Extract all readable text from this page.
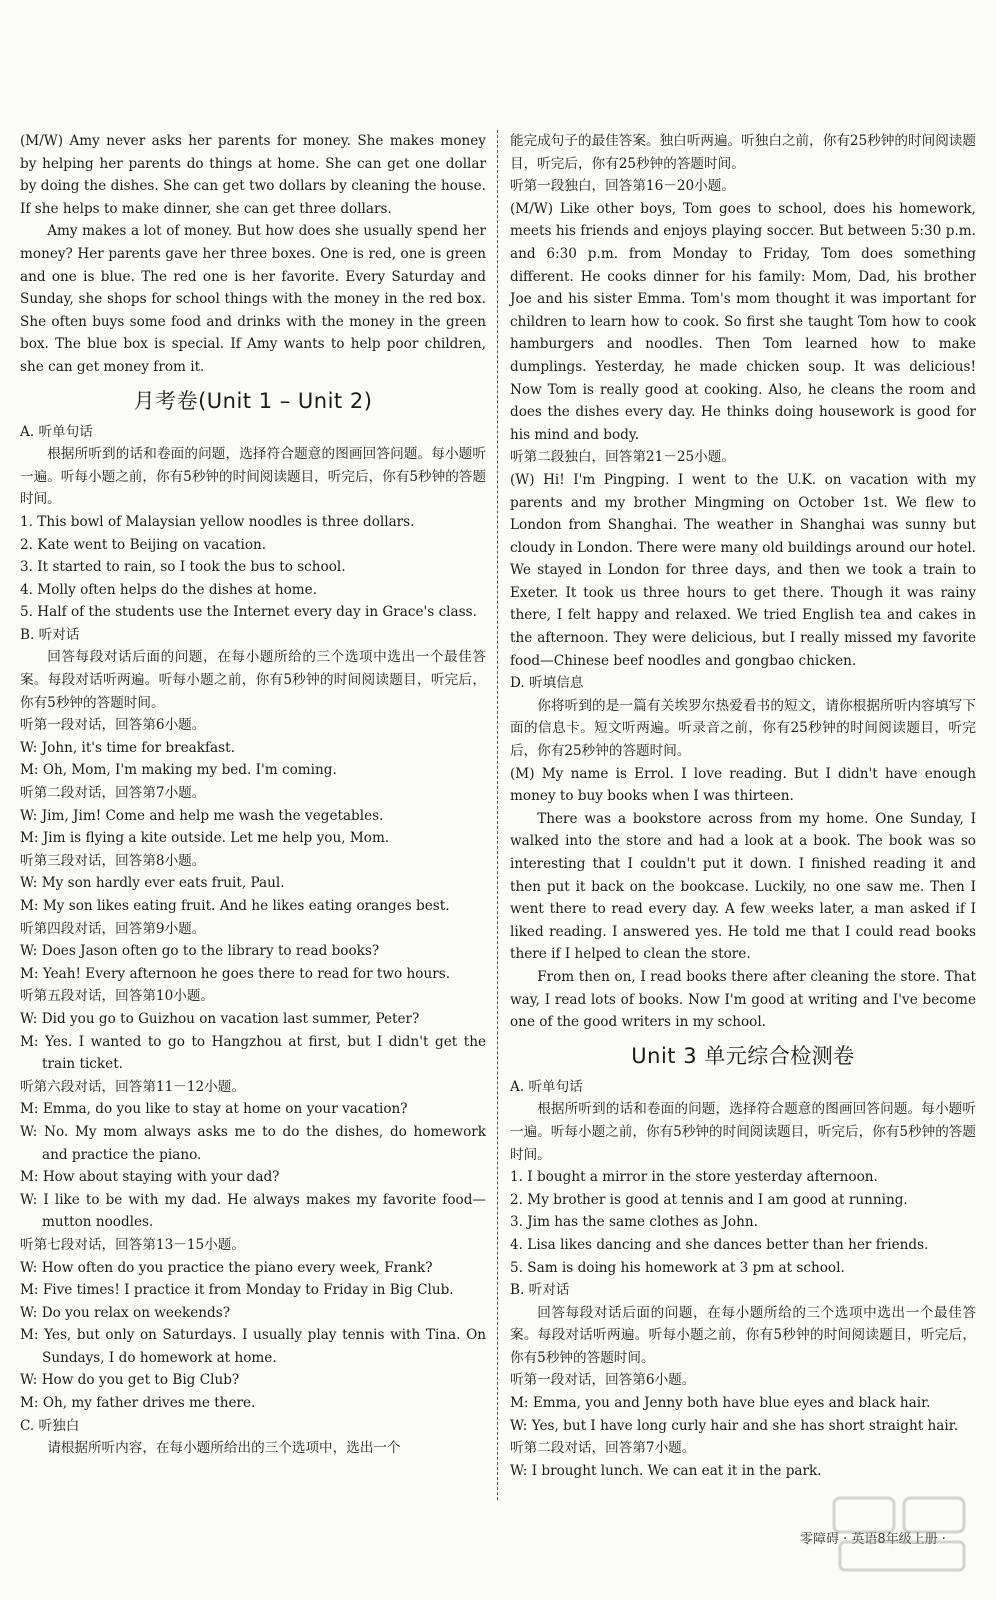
(M/W) Amy never asks her parents for money. She makes money by helping her parents do things at home. She can get one dollar by doing the dishes. She can get two dollars by cleaning the house. If she helps to make dinner, she can get three dollars.
Amy makes a lot of money. But how does she usually spend her money? Her parents gave her three boxes. One is red, one is green and one is blue. The red one is her favorite. Every Saturday and Sunday, she shops for school things with the money in the red box. She often buys some food and drinks with the money in the green box. The blue box is special. If Amy wants to help poor children, she can get money from it.
月考卷(Unit 1 – Unit 2)
A. 听单句话
根据所听到的话和卷面的问题，选择符合题意的图画回答问题。每小题听一遍。听每小题之前，你有5秒钟的时间阅读题目，听完后，你有5秒钟的答题时间。
1. This bowl of Malaysian yellow noodles is three dollars.
2. Kate went to Beijing on vacation.
3. It started to rain, so I took the bus to school.
4. Molly often helps do the dishes at home.
5. Half of the students use the Internet every day in Grace's class.
B. 听对话
回答每段对话后面的问题，在每小题所给的三个选项中选出一个最佳答案。每段对话听两遍。听每小题之前，你有5秒钟的时间阅读题目，听完后，你有5秒钟的答题时间。
听第一段对话，回答第6小题。
W: John, it's time for breakfast.
M: Oh, Mom, I'm making my bed. I'm coming.
听第二段对话，回答第7小题。
W: Jim, Jim! Come and help me wash the vegetables.
M: Jim is flying a kite outside. Let me help you, Mom.
听第三段对话，回答第8小题。
W: My son hardly ever eats fruit, Paul.
M: My son likes eating fruit. And he likes eating oranges best.
听第四段对话，回答第9小题。
W: Does Jason often go to the library to read books?
M: Yeah! Every afternoon he goes there to read for two hours.
听第五段对话，回答第10小题。
W: Did you go to Guizhou on vacation last summer, Peter?
M: Yes. I wanted to go to Hangzhou at first, but I didn't get the train ticket.
听第六段对话，回答第11－12小题。
M: Emma, do you like to stay at home on your vacation?
W: No. My mom always asks me to do the dishes, do homework and practice the piano.
M: How about staying with your dad?
W: I like to be with my dad. He always makes my favorite food—mutton noodles.
听第七段对话，回答第13－15小题。
W: How often do you practice the piano every week, Frank?
M: Five times! I practice it from Monday to Friday in Big Club.
W: Do you relax on weekends?
M: Yes, but only on Saturdays. I usually play tennis with Tina. On Sundays, I do homework at home.
W: How do you get to Big Club?
M: Oh, my father drives me there.
C. 听独白
请根据所听内容，在每小题所给出的三个选项中，选出一个
能完成句子的最佳答案。独白听两遍。听独白之前，你有25秒钟的时间阅读题目，听完后，你有25秒钟的答题时间。
听第一段独白，回答第16－20小题。
(M/W) Like other boys, Tom goes to school, does his homework, meets his friends and enjoys playing soccer. But between 5:30 p.m. and 6:30 p.m. from Monday to Friday, Tom does something different. He cooks dinner for his family: Mom, Dad, his brother Joe and his sister Emma. Tom's mom thought it was important for children to learn how to cook. So first she taught Tom how to cook hamburgers and noodles. Then Tom learned how to make dumplings. Yesterday, he made chicken soup. It was delicious! Now Tom is really good at cooking. Also, he cleans the room and does the dishes every day. He thinks doing housework is good for his mind and body.
听第二段独白，回答第21－25小题。
(W) Hi! I'm Pingping. I went to the U.K. on vacation with my parents and my brother Mingming on October 1st. We flew to London from Shanghai. The weather in Shanghai was sunny but cloudy in London. There were many old buildings around our hotel. We stayed in London for three days, and then we took a train to Exeter. It took us three hours to get there. Though it was rainy there, I felt happy and relaxed. We tried English tea and cakes in the afternoon. They were delicious, but I really missed my favorite food—Chinese beef noodles and gongbao chicken.
D. 听填信息
你将听到的是一篇有关埃罗尔热爱看书的短文，请你根据所听内容填写下面的信息卡。短文听两遍。听录音之前，你有25秒钟的时间阅读题目，听完后，你有25秒钟的答题时间。
(M) My name is Errol. I love reading. But I didn't have enough money to buy books when I was thirteen.
There was a bookstore across from my home. One Sunday, I walked into the store and had a look at a book. The book was so interesting that I couldn't put it down. I finished reading it and then put it back on the bookcase. Luckily, no one saw me. Then I went there to read every day. A few weeks later, a man asked if I liked reading. I answered yes. He told me that I could read books there if I helped to clean the store.
From then on, I read books there after cleaning the store. That way, I read lots of books. Now I'm good at writing and I've become one of the good writers in my school.
Unit 3 单元综合检测卷
A. 听单句话
根据所听到的话和卷面的问题，选择符合题意的图画回答问题。每小题听一遍。听每小题之前，你有5秒钟的时间阅读题目，听完后，你有5秒钟的答题时间。
1. I bought a mirror in the store yesterday afternoon.
2. My brother is good at tennis and I am good at running.
3. Jim has the same clothes as John.
4. Lisa likes dancing and she dances better than her friends.
5. Sam is doing his homework at 3 pm at school.
B. 听对话
回答每段对话后面的问题，在每小题所给的三个选项中选出一个最佳答案。每段对话听两遍。听每小题之前，你有5秒钟的时间阅读题目，听完后，你有5秒钟的答题时间。
听第一段对话，回答第6小题。
M: Emma, you and Jenny both have blue eyes and black hair.
W: Yes, but I have long curly hair and she has short straight hair.
听第二段对话，回答第7小题。
W: I brought lunch. We can eat it in the park.
零障碍 · 英语8年级上册 ·
